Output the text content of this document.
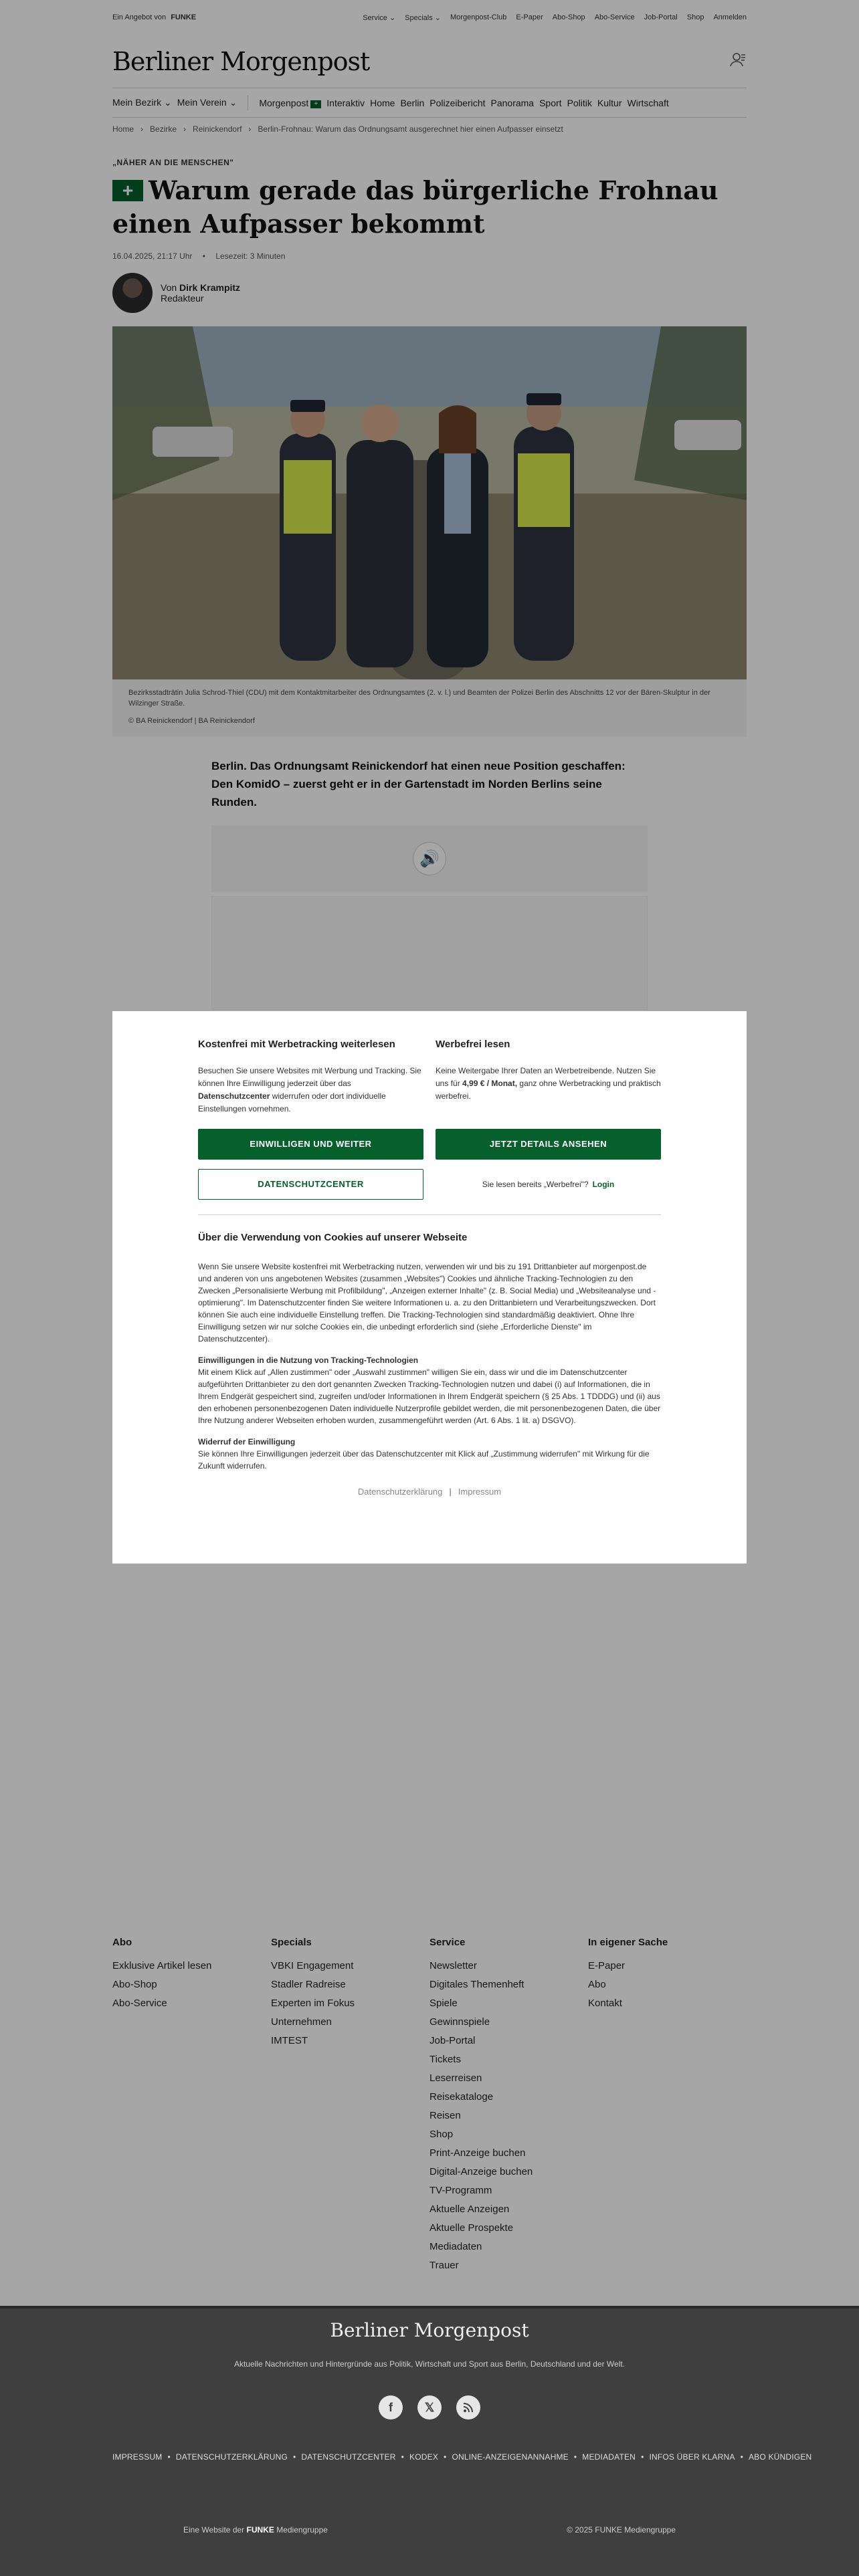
Ein Angebot von FUNKE	Service ⌄ Specials ⌄ Morgenpost-Club E-Paper Abo-Shop Abo-Service Job-Portal Shop Anmelden
Berliner Morgenpost
Mein Bezirk ⌄ Mein Verein ⌄ Morgenpost + Interaktiv Home Berlin Polizeibericht Panorama Sport Politik Kultur Wirtschaft
Home › Bezirke › Reinickendorf › Berlin-Frohnau: Warum das Ordnungsamt ausgerechnet hier einen Aufpasser einsetzt
„NÄHER AN DIE MENSCHEN"
+ Warum gerade das bürgerliche Frohnau einen Aufpasser bekommt
16.04.2025, 21:17 Uhr • Lesezeit: 3 Minuten
Von Dirk Krampitz
Redakteur
Bezirksstadträtin Julia Schrod-Thiel (CDU) mit dem Kontaktmitarbeiter des Ordnungsamtes (2. v. l.) und Beamten der Polizei Berlin des Abschnitts 12 vor der Bären-Skulptur in der Wilzinger Straße.
© BA Reinickendorf | BA Reinickendorf

Berlin. Das Ordnungsamt Reinickendorf hat einen neue Position geschaffen: Den KomidO – zuerst geht er in der Gartenstadt im Norden Berlins seine Runden.

🔊
Abo
Exklusive Artikel lesen
Abo-Shop
Abo-Service
Specials
VBKI Engagement
Stadler Radreise
Experten im Fokus
Unternehmen
IMTEST
Service
Newsletter
Digitales Themenheft
Spiele
Gewinnspiele
Job-Portal
Tickets
Leserreisen
Reisekataloge
Reisen
Shop
Print-Anzeige buchen
Digital-Anzeige buchen
TV-Programm
Aktuelle Anzeigen
Aktuelle Prospekte
Mediadaten
Trauer
In eigener Sache
E-Paper
Abo
Kontakt
Berliner Morgenpost
Aktuelle Nachrichten und Hintergründe aus Politik, Wirtschaft und Sport aus Berlin, Deutschland und der Welt.
f	𝕏
IMPRESSUM • DATENSCHUTZERKLÄRUNG • DATENSCHUTZCENTER • KODEX • ONLINE-ANZEIGENANNAHME • MEDIADATEN • INFOS ÜBER KLARNA • ABO KÜNDIGEN
Eine Website der FUNKE Mediengruppe	© 2025 FUNKE Mediengruppe
Kostenfrei mit Werbetracking weiterlesen
Besuchen Sie unsere Websites mit Werbung und Tracking. Sie können Ihre Einwilligung jederzeit über das Datenschutzcenter widerrufen oder dort individuelle Einstellungen vornehmen.
Werbefrei lesen
Keine Weitergabe Ihrer Daten an Werbetreibende. Nutzen Sie uns für 4,99 € / Monat, ganz ohne Werbetracking und praktisch werbefrei.
EINWILLIGEN UND WEITER	JETZT DETAILS ANSEHEN
DATENSCHUTZCENTER	Sie lesen bereits „Werbefrei"? Login
Über die Verwendung von Cookies auf unserer Webseite

Wenn Sie unsere Website kostenfrei mit Werbetracking nutzen, verwenden wir und bis zu 191 Drittanbieter auf morgenpost.de und anderen von uns angebotenen Websites (zusammen „Websites") Cookies und ähnliche Tracking-Technologien zu den Zwecken „Personalisierte Werbung mit Profilbildung", „Anzeigen externer Inhalte" (z. B. Social Media) und „Websiteanalyse und -optimierung". Im Datenschutzcenter finden Sie weitere Informationen u. a. zu den Drittanbietern und Verarbeitungszwecken. Dort können Sie auch eine individuelle Einstellung treffen. Die Tracking-Technologien sind standardmäßig deaktiviert. Ohne Ihre Einwilligung setzen wir nur solche Cookies ein, die unbedingt erforderlich sind (siehe „Erforderliche Dienste" im Datenschutzcenter).

Einwilligungen in die Nutzung von Tracking-Technologien
Mit einem Klick auf „Allen zustimmen" oder „Auswahl zustimmen" willigen Sie ein, dass wir und die im Datenschutzcenter aufgeführten Drittanbieter zu den dort genannten Zwecken Tracking-Technologien nutzen und dabei (i) auf Informationen, die in Ihrem Endgerät gespeichert sind, zugreifen und/oder Informationen in Ihrem Endgerät speichern (§ 25 Abs. 1 TDDDG) und (ii) aus den erhobenen personenbezogenen Daten individuelle Nutzerprofile gebildet werden, die mit personenbezogenen Daten, die über Ihre Nutzung anderer Webseiten erhoben wurden, zusammengeführt werden (Art. 6 Abs. 1 lit. a) DSGVO).

Widerruf der Einwilligung
Sie können Ihre Einwilligungen jederzeit über das Datenschutzcenter mit Klick auf „Zustimmung widerrufen" mit Wirkung für die Zukunft widerrufen.

Datenschutzerklärung | Impressum
